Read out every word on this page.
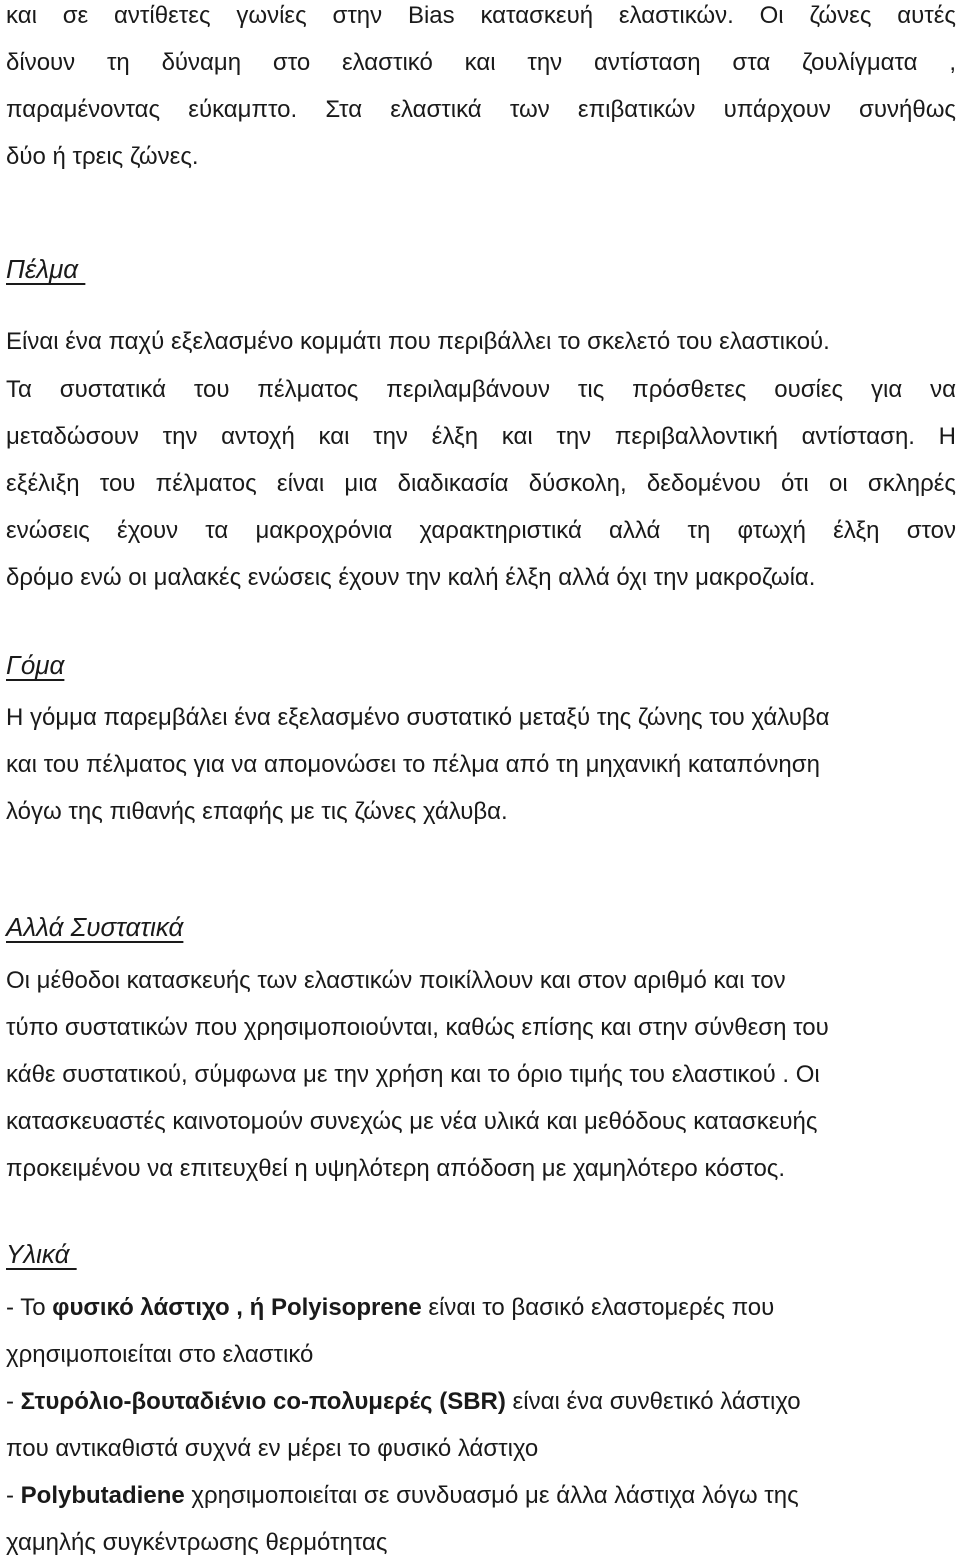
και σε αντίθετες γωνίες στην Bias κατασκευή ελαστικών. Οι ζώνες αυτές
δίνουν τη δύναμη στο ελαστικό και την αντίσταση στα ζουλίγματα ,
παραμένοντας εύκαμπτο. Στα ελαστικά των επιβατικών υπάρχουν συνήθως
δύο ή τρεις ζώνες.
Πέλμα
Είναι ένα παχύ εξελασμένο κομμάτι που περιβάλλει το σκελετό του ελαστικού.
Τα συστατικά του πέλματος περιλαμβάνουν τις πρόσθετες ουσίες για να
μεταδώσουν την αντοχή και την έλξη και την περιβαλλοντική αντίσταση. Η
εξέλιξη του πέλματος είναι μια διαδικασία δύσκολη, δεδομένου ότι οι σκληρές
ενώσεις έχουν τα μακροχρόνια χαρακτηριστικά αλλά τη φτωχή έλξη στον
δρόμο ενώ οι μαλακές ενώσεις έχουν την καλή έλξη αλλά όχι την μακροζωία.
Γόμα
Η γόμμα παρεμβάλει ένα εξελασμένο συστατικό μεταξύ της ζώνης του χάλυβα
και του πέλματος για να απομονώσει το πέλμα από τη μηχανική καταπόνηση
λόγω της πιθανής επαφής με τις ζώνες χάλυβα.
Αλλά Συστατικά
Οι μέθοδοι κατασκευής των ελαστικών ποικίλλουν και στον αριθμό και τον
τύπο συστατικών που χρησιμοποιούνται, καθώς επίσης και στην σύνθεση του
κάθε συστατικού, σύμφωνα με την χρήση και το όριο τιμής του ελαστικού . Οι
κατασκευαστές καινοτομούν συνεχώς με νέα υλικά και μεθόδους κατασκευής
προκειμένου να επιτευχθεί η υψηλότερη απόδοση με χαμηλότερο κόστος.
Υλικά
- Το φυσικό λάστιχο , ή Polyisoprene είναι το βασικό ελαστομερές που
χρησιμοποιείται στο ελαστικό
- Στυρόλιο-βουταδιένιο co-πολυμερές (SBR) είναι ένα συνθετικό λάστιχο
που αντικαθιστά συχνά εν μέρει το φυσικό λάστιχο
- Polybutadiene χρησιμοποιείται σε συνδυασμό με άλλα λάστιχα λόγω της
χαμηλής συγκέντρωσης θερμότητας
